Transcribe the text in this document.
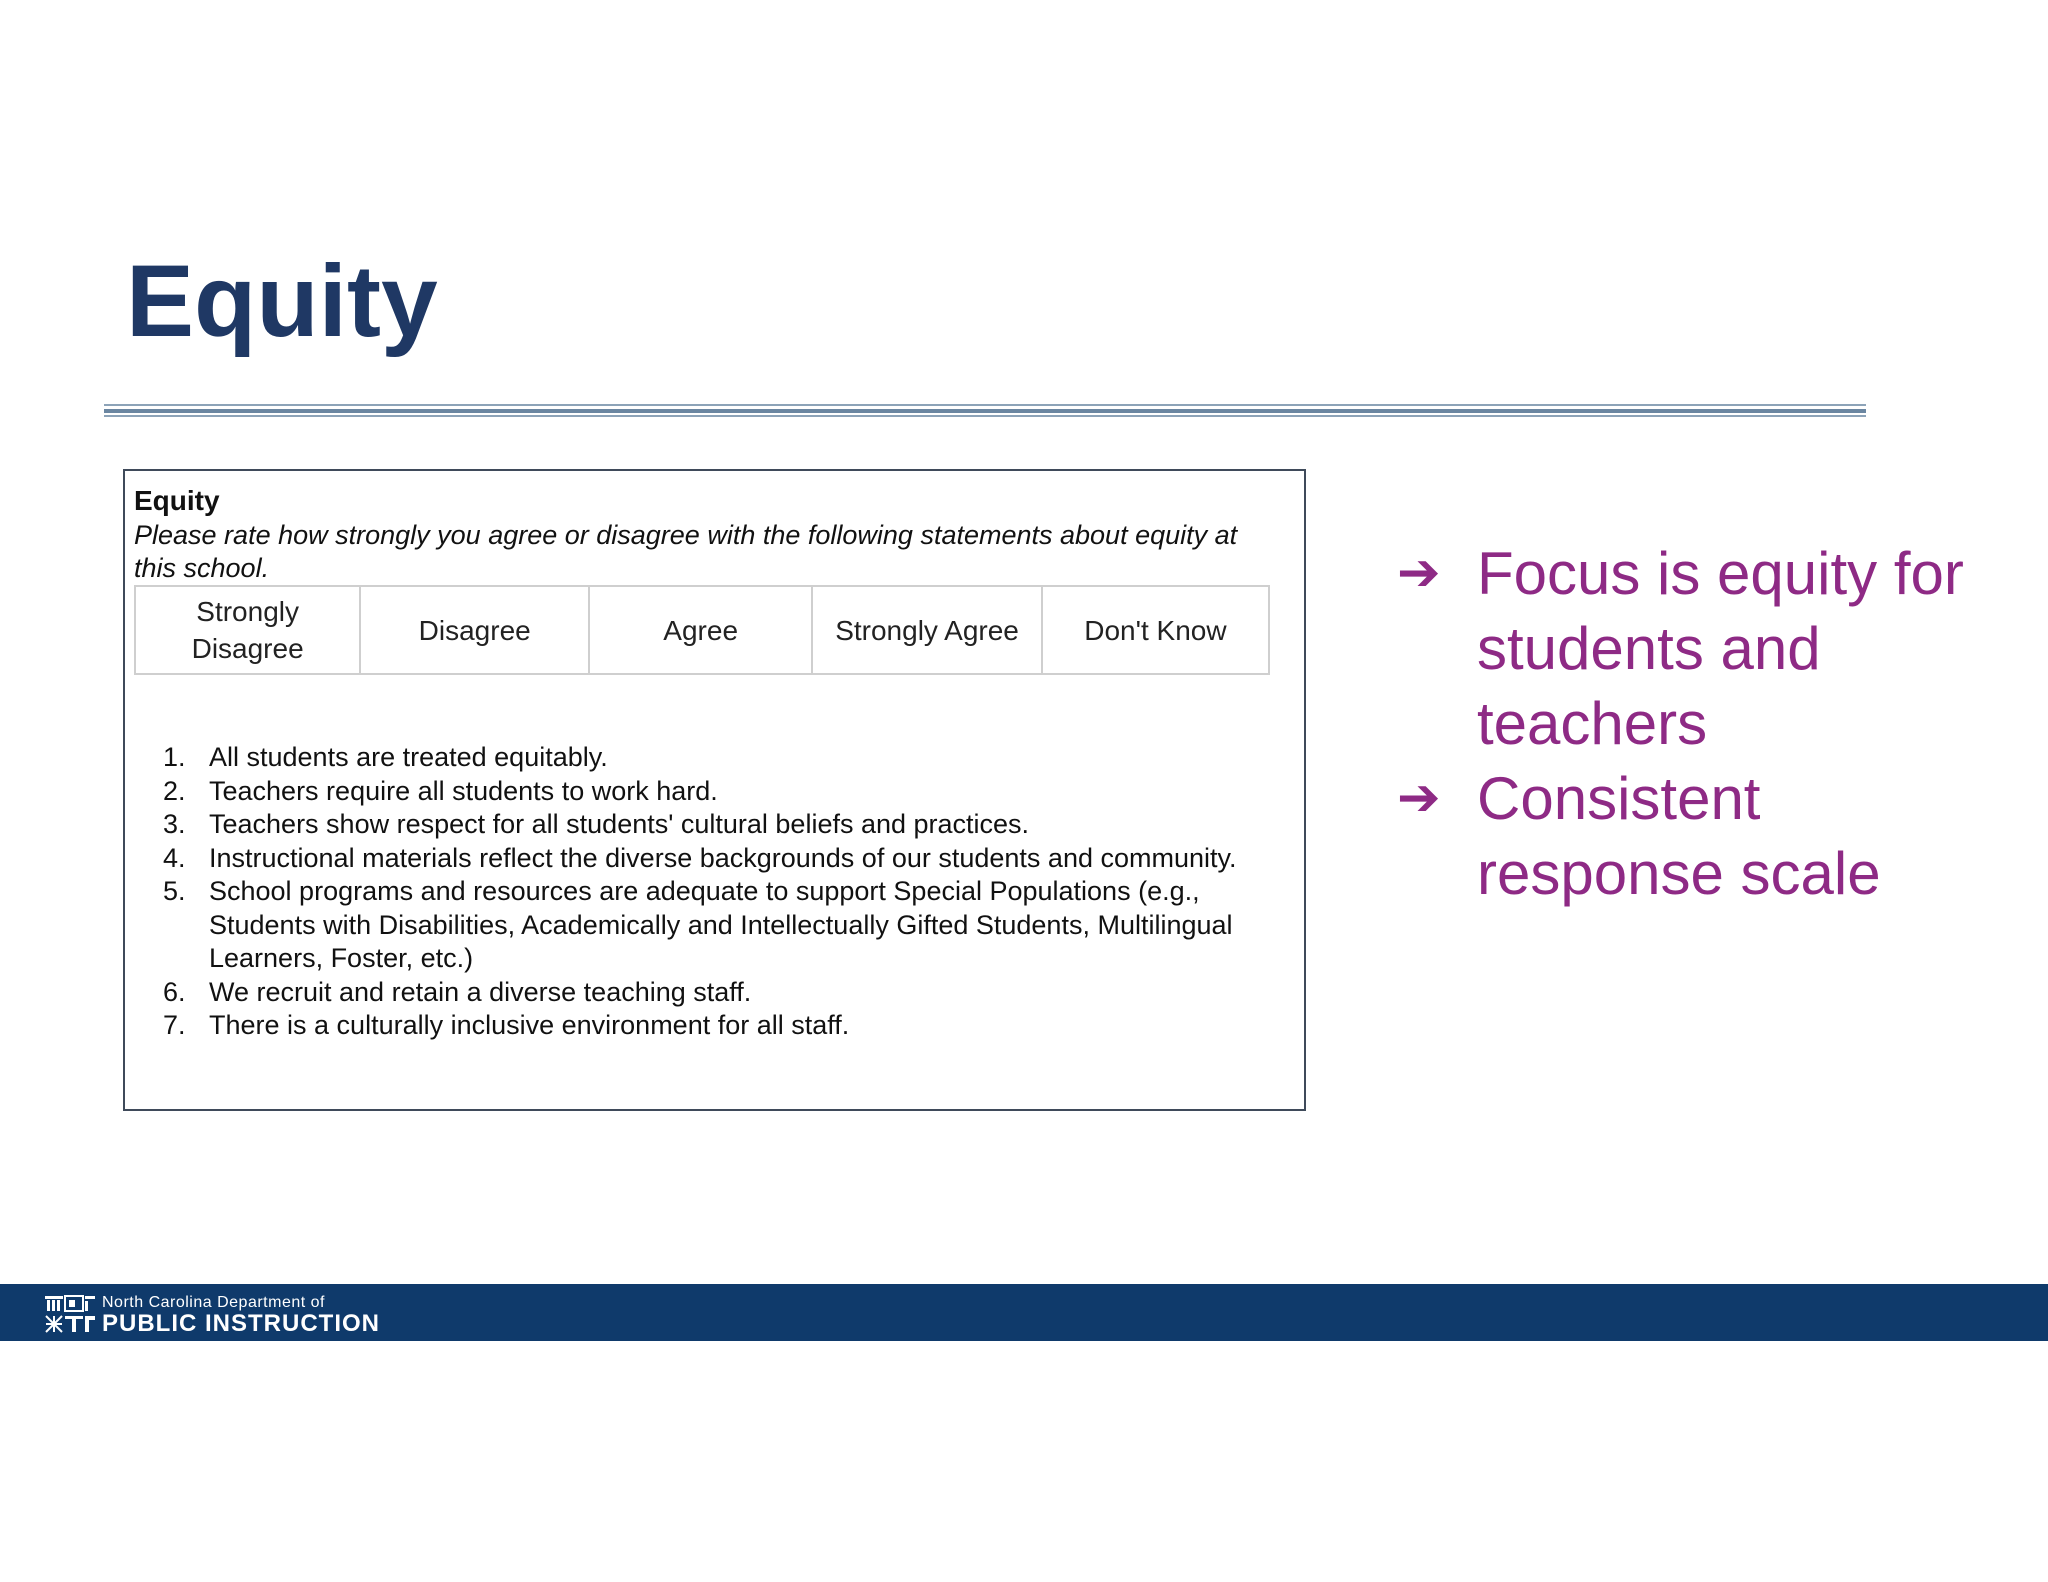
Equity

Equity

Please rate how strongly you agree or disagree with the following statements about equity at this school.

Strongly Disagree	Disagree	Agree	Strongly Agree	Don't Know
1. All students are treated equitably.
2. Teachers require all students to work hard.
3. Teachers show respect for all students' cultural beliefs and practices.
4. Instructional materials reflect the diverse backgrounds of our students and community.
5. School programs and resources are adequate to support Special Populations (e.g., Students with Disabilities, Academically and Intellectually Gifted Students, Multilingual Learners, Foster, etc.)
6. We recruit and retain a diverse teaching staff.
7. There is a culturally inclusive environment for all staff.
➔ Focus is equity for students and teachers
➔ Consistent response scale

North Carolina Department of

PUBLIC INSTRUCTION
